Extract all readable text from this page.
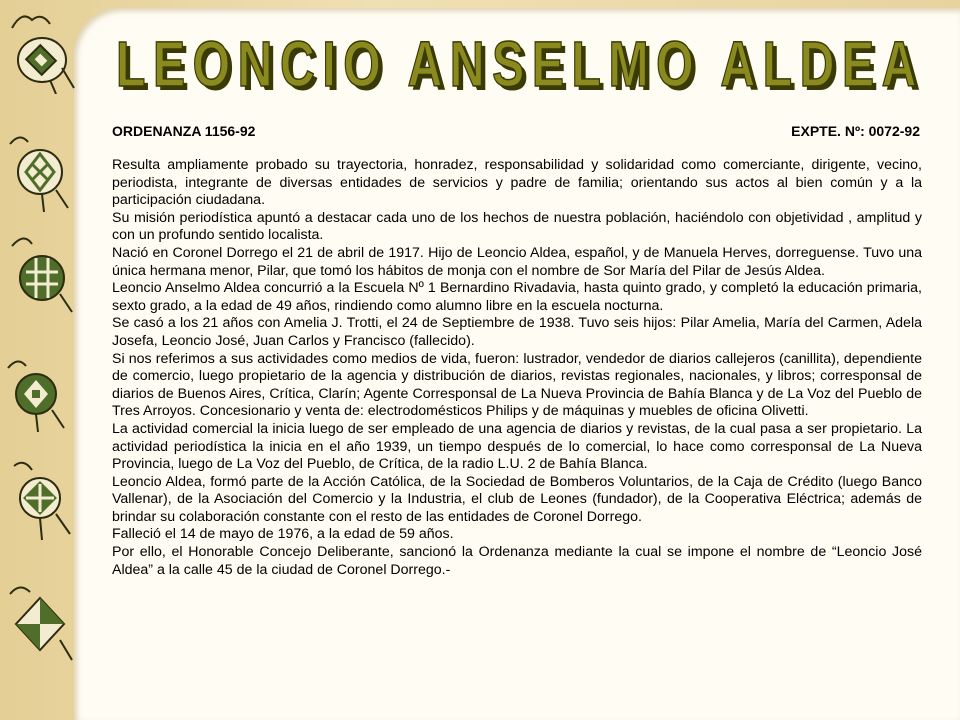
LEONCIO ANSELMO ALDEA
LEONCIO ANSELMO ALDEA
ORDENANZA 1156-92	EXPTE. Nº: 0072-92

Resulta ampliamente probado su trayectoria, honradez, responsabilidad y solidaridad como comerciante, dirigente, vecino, periodista, integrante de diversas entidades de servicios y padre de familia; orientando sus actos al bien común y a la participación ciudadana.

Su misión periodística apuntó a destacar cada uno de los hechos de nuestra población, haciéndolo con objetividad , amplitud y con un profundo sentido localista.

Nació en Coronel Dorrego el 21 de abril de 1917. Hijo de Leoncio Aldea, español, y de Manuela Herves, dorreguense. Tuvo una única hermana menor, Pilar, que tomó los hábitos de monja con el nombre de Sor María del Pilar de Jesús Aldea.

Leoncio Anselmo Aldea concurrió a la Escuela Nº 1 Bernardino Rivadavia, hasta quinto grado, y completó la educación primaria, sexto grado, a la edad de 49 años, rindiendo como alumno libre en la escuela nocturna.

Se casó a los 21 años con Amelia J. Trotti, el 24 de Septiembre de 1938. Tuvo seis hijos: Pilar Amelia, María del Carmen, Adela Josefa, Leoncio José, Juan Carlos y Francisco (fallecido).

Si nos referimos a sus actividades como medios de vida, fueron: lustrador, vendedor de diarios callejeros (canillita), dependiente de comercio, luego propietario de la agencia y distribución de diarios, revistas regionales, nacionales, y libros; corresponsal de diarios de Buenos Aires, Crítica, Clarín; Agente Corresponsal de La Nueva Provincia de Bahía Blanca y de La Voz del Pueblo de Tres Arroyos. Concesionario y venta de: electrodomésticos Philips y de máquinas y muebles de oficina Olivetti.

La actividad comercial la inicia luego de ser empleado de una agencia de diarios y revistas, de la cual pasa a ser propietario. La actividad periodística la inicia en el año 1939, un tiempo después de lo comercial, lo hace como corresponsal de La Nueva Provincia, luego de La Voz del Pueblo, de Crítica, de la radio L.U. 2 de Bahía Blanca.

Leoncio Aldea, formó parte de la Acción Católica, de la Sociedad de Bomberos Voluntarios, de la Caja de Crédito (luego Banco Vallenar), de la Asociación del Comercio y la Industria, el club de Leones (fundador), de la Cooperativa Eléctrica; además de brindar su colaboración constante con el resto de las entidades de Coronel Dorrego.

Falleció el 14 de mayo de 1976, a la edad de 59 años.

Por ello, el Honorable Concejo Deliberante, sancionó la Ordenanza mediante la cual se impone el nombre de “Leoncio José Aldea” a la calle 45 de la ciudad de Coronel Dorrego.-
